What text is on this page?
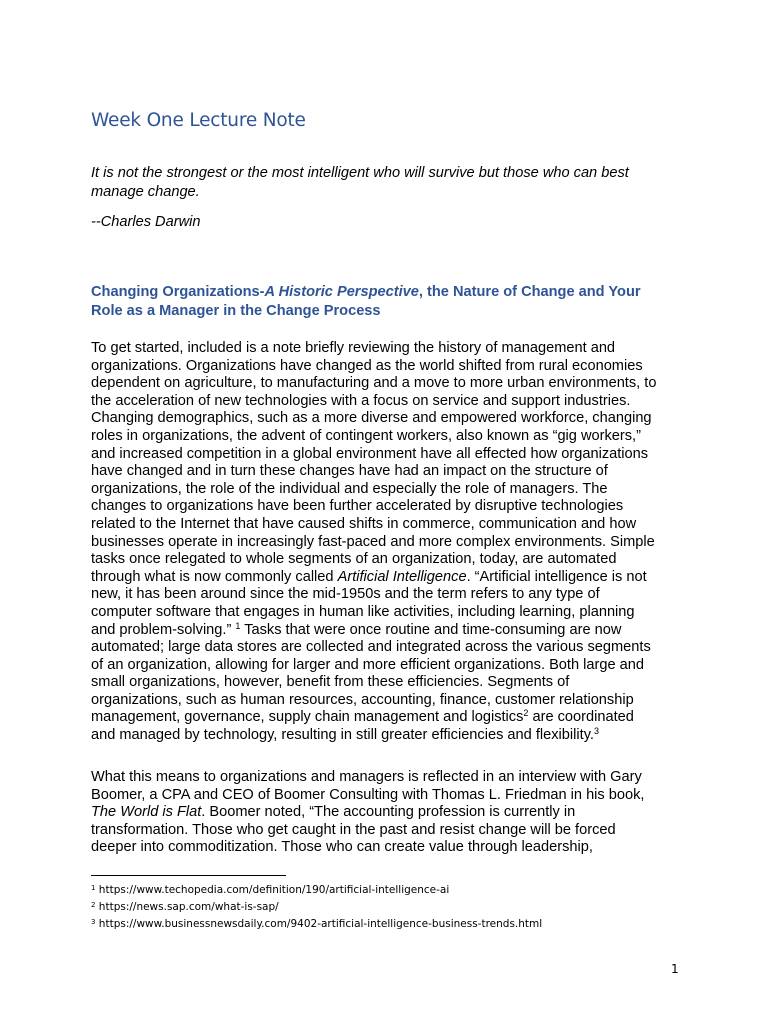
Week One Lecture Note
It is not the strongest or the most intelligent who will survive but those who can best
manage change.
--Charles Darwin
Changing Organizations-A Historic Perspective, the Nature of Change and Your
Role as a Manager in the Change Process
To get started, included is a note briefly reviewing the history of management and
organizations. Organizations have changed as the world shifted from rural economies
dependent on agriculture, to manufacturing and a move to more urban environments, to
the acceleration of new technologies with a focus on service and support industries.
Changing demographics, such as a more diverse and empowered workforce, changing
roles in organizations, the advent of contingent workers, also known as “gig workers,”
and increased competition in a global environment have all effected how organizations
have changed and in turn these changes have had an impact on the structure of
organizations, the role of the individual and especially the role of managers. The
changes to organizations have been further accelerated by disruptive technologies
related to the Internet that have caused shifts in commerce, communication and how
businesses operate in increasingly fast-paced and more complex environments. Simple
tasks once relegated to whole segments of an organization, today, are automated
through what is now commonly called Artificial Intelligence. “Artificial intelligence is not
new, it has been around since the mid-1950s and the term refers to any type of
computer software that engages in human like activities, including learning, planning
and problem-solving.” $^1$ Tasks that were once routine and time-consuming are now
automated; large data stores are collected and integrated across the various segments
of an organization, allowing for larger and more efficient organizations. Both large and
small organizations, however, benefit from these efficiencies. Segments of
organizations, such as human resources, accounting, finance, customer relationship
management, governance, supply chain management and logistics$^2$ are coordinated
and managed by technology, resulting in still greater efficiencies and flexibility.$^3$
What this means to organizations and managers is reflected in an interview with Gary
Boomer, a CPA and CEO of Boomer Consulting with Thomas L. Friedman in his book,
The World is Flat. Boomer noted, “The accounting profession is currently in
transformation. Those who get caught in the past and resist change will be forced
deeper into commoditization. Those who can create value through leadership,
$^1$ https://www.techopedia.com/definition/190/artificial-intelligence-ai
$^2$ https://news.sap.com/what-is-sap/
$^3$ https://www.businessnewsdaily.com/9402-artificial-intelligence-business-trends.html
1
